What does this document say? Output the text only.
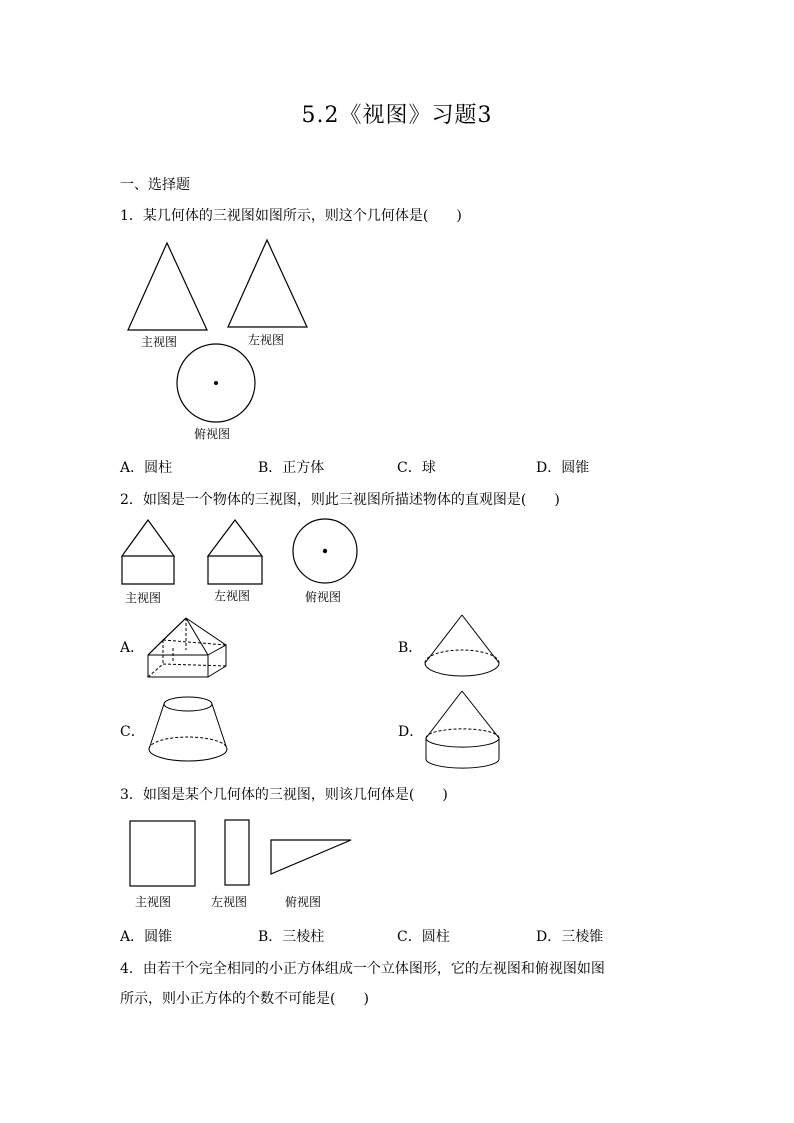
5.2《视图》习题3
一、选择题
1．某几何体的三视图如图所示，则这个几何体是(　　)
主视图	左视图
俯视图
A．圆柱	B．正方体	C．球	D．圆锥
2．如图是一个物体的三视图，则此三视图所描述物体的直观图是(　　)
主视图	左视图	俯视图
A．	B．
C．	D．
3．如图是某个几何体的三视图，则该几何体是(　　)
主视图	左视图	俯视图
A．圆锥	B．三棱柱	C．圆柱	D．三棱锥
4．由若干个完全相同的小正方体组成一个立体图形，它的左视图和俯视图如图
所示，则小正方体的个数不可能是(　　)
